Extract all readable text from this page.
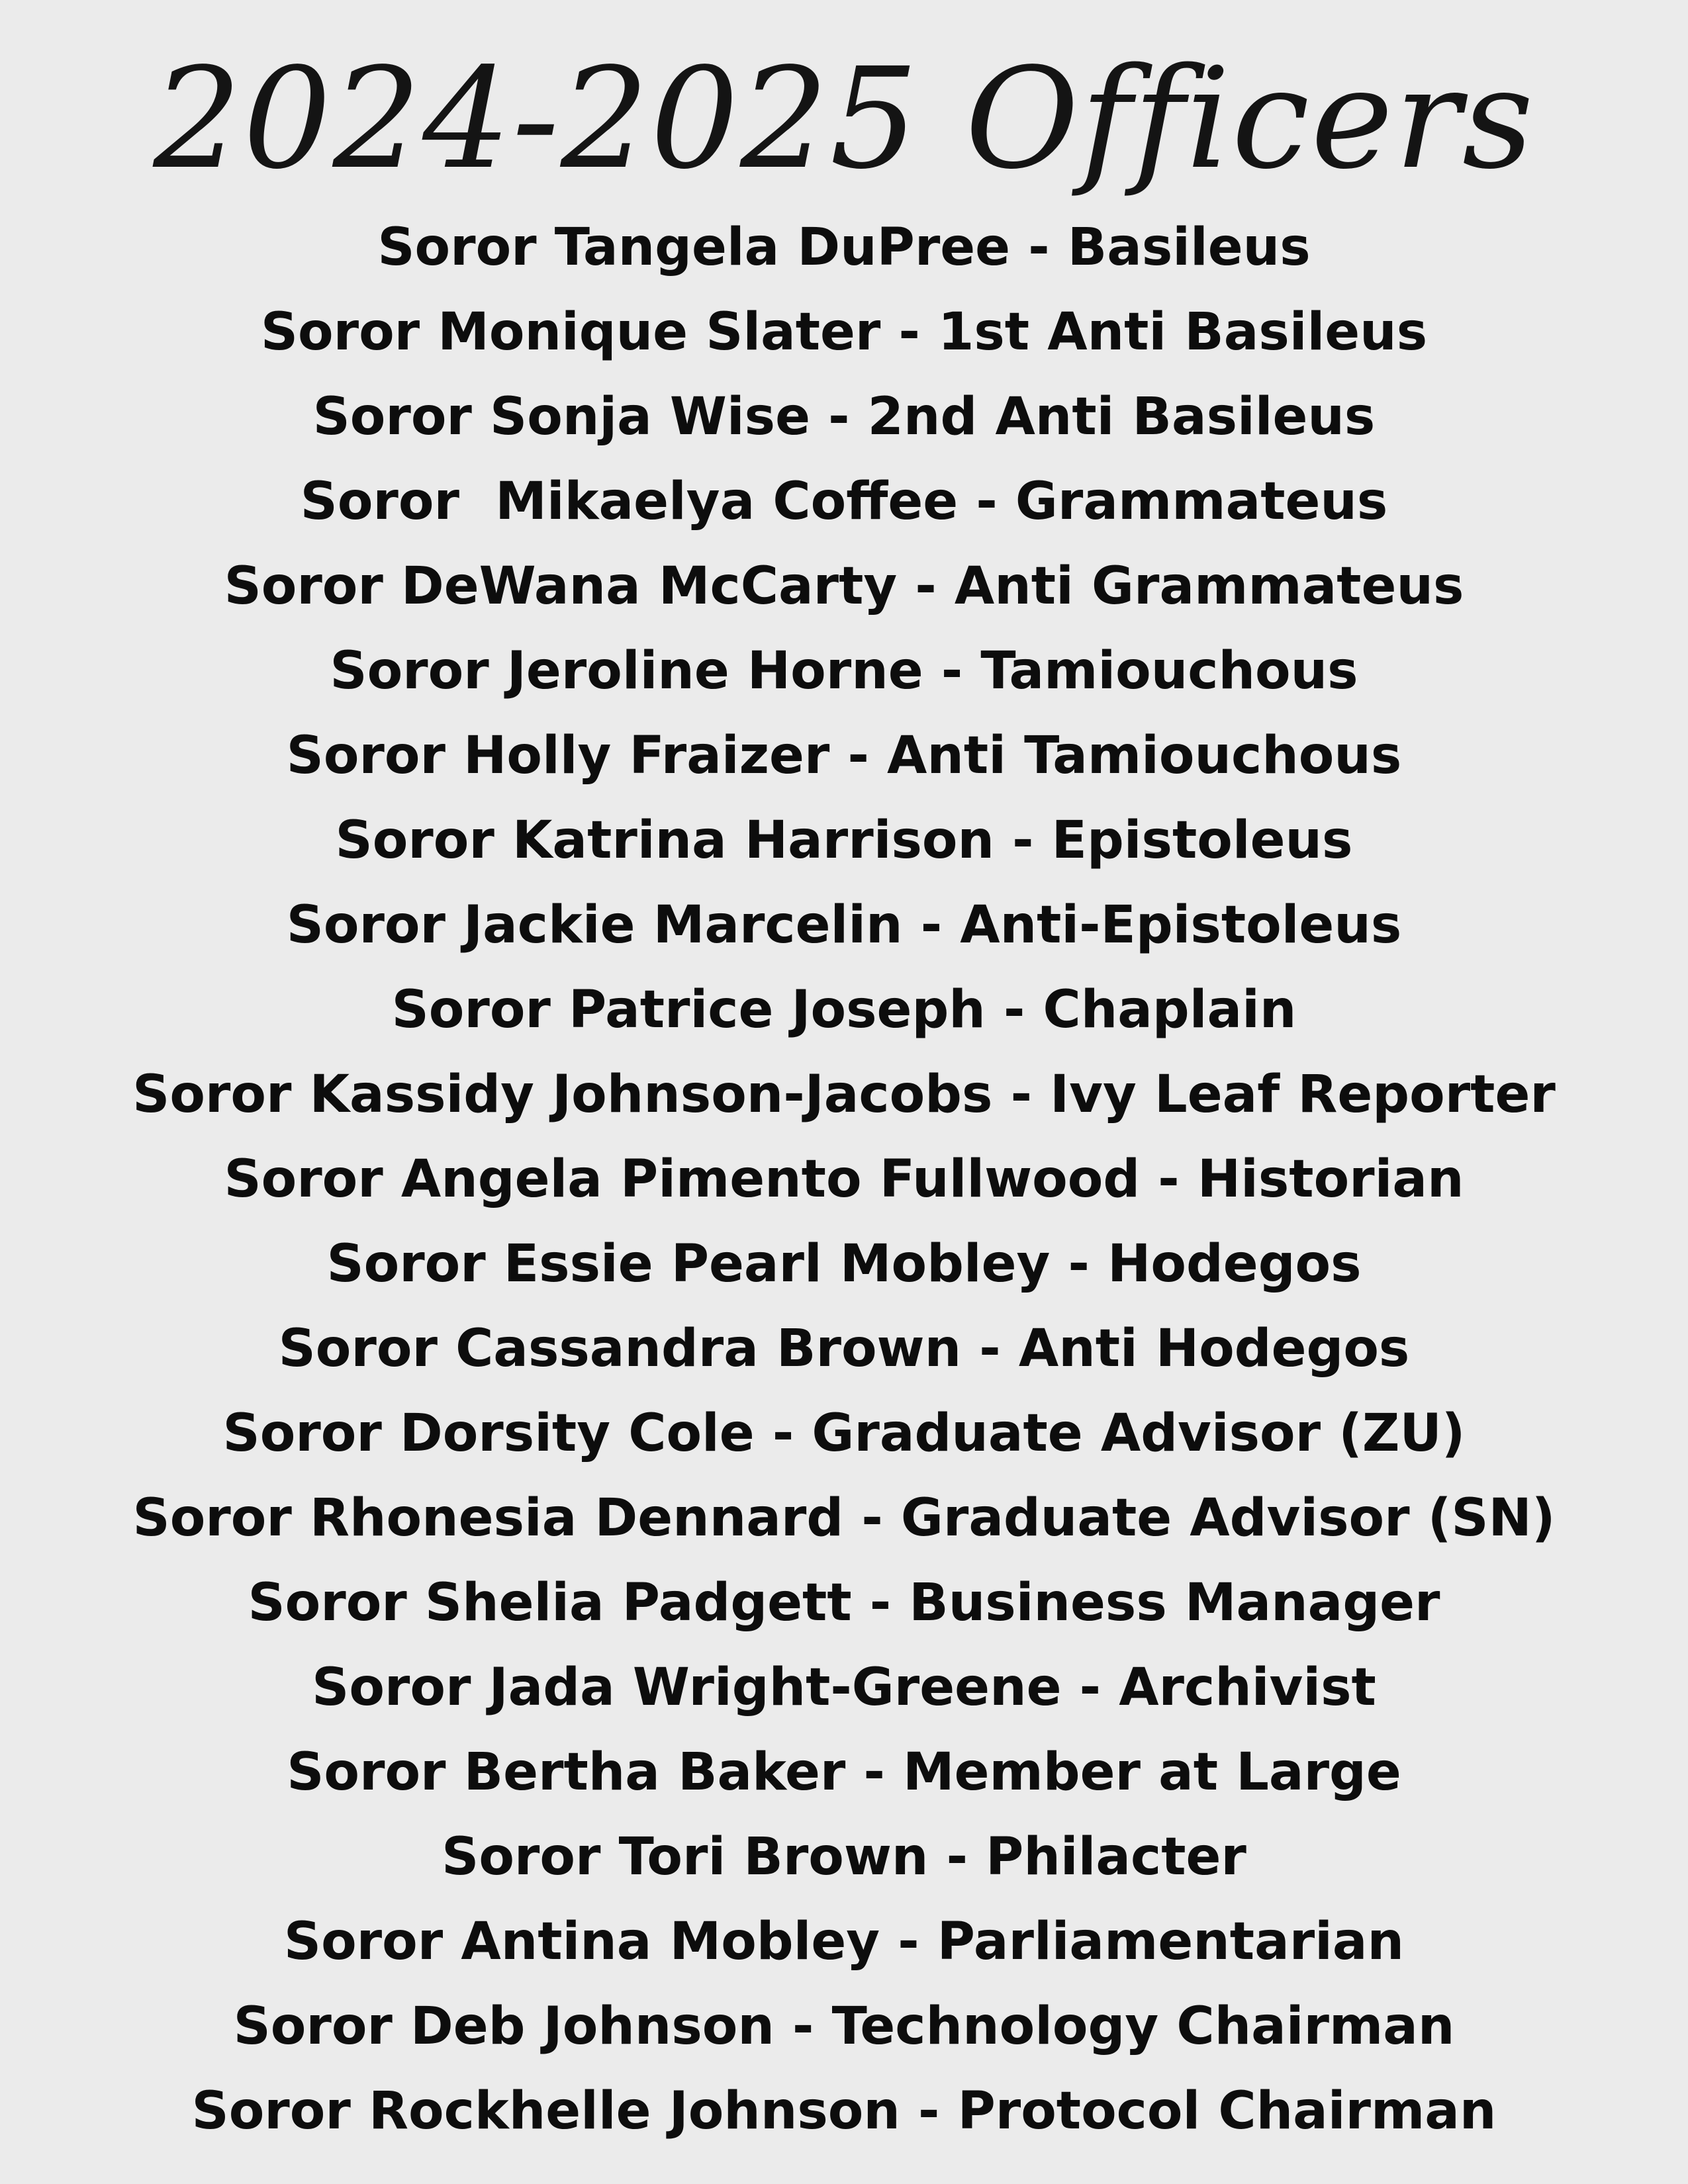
2024-2025 Officers
Soror Tangela DuPree - Basileus
Soror Monique Slater - 1st Anti Basileus
Soror Sonja Wise - 2nd Anti Basileus
Soror  Mikaelya Coffee - Grammateus
Soror DeWana McCarty - Anti Grammateus
Soror Jeroline Horne - Tamiouchous
Soror Holly Fraizer - Anti Tamiouchous
Soror Katrina Harrison - Epistoleus
Soror Jackie Marcelin - Anti-Epistoleus
Soror Patrice Joseph - Chaplain
Soror Kassidy Johnson-Jacobs - Ivy Leaf Reporter
Soror Angela Pimento Fullwood - Historian
Soror Essie Pearl Mobley - Hodegos
Soror Cassandra Brown - Anti Hodegos
Soror Dorsity Cole - Graduate Advisor (ZU)
Soror Rhonesia Dennard - Graduate Advisor (SN)
Soror Shelia Padgett - Business Manager
Soror Jada Wright-Greene - Archivist
Soror Bertha Baker - Member at Large
Soror Tori Brown - Philacter
Soror Antina Mobley - Parliamentarian
Soror Deb Johnson - Technology Chairman
Soror Rockhelle Johnson - Protocol Chairman
